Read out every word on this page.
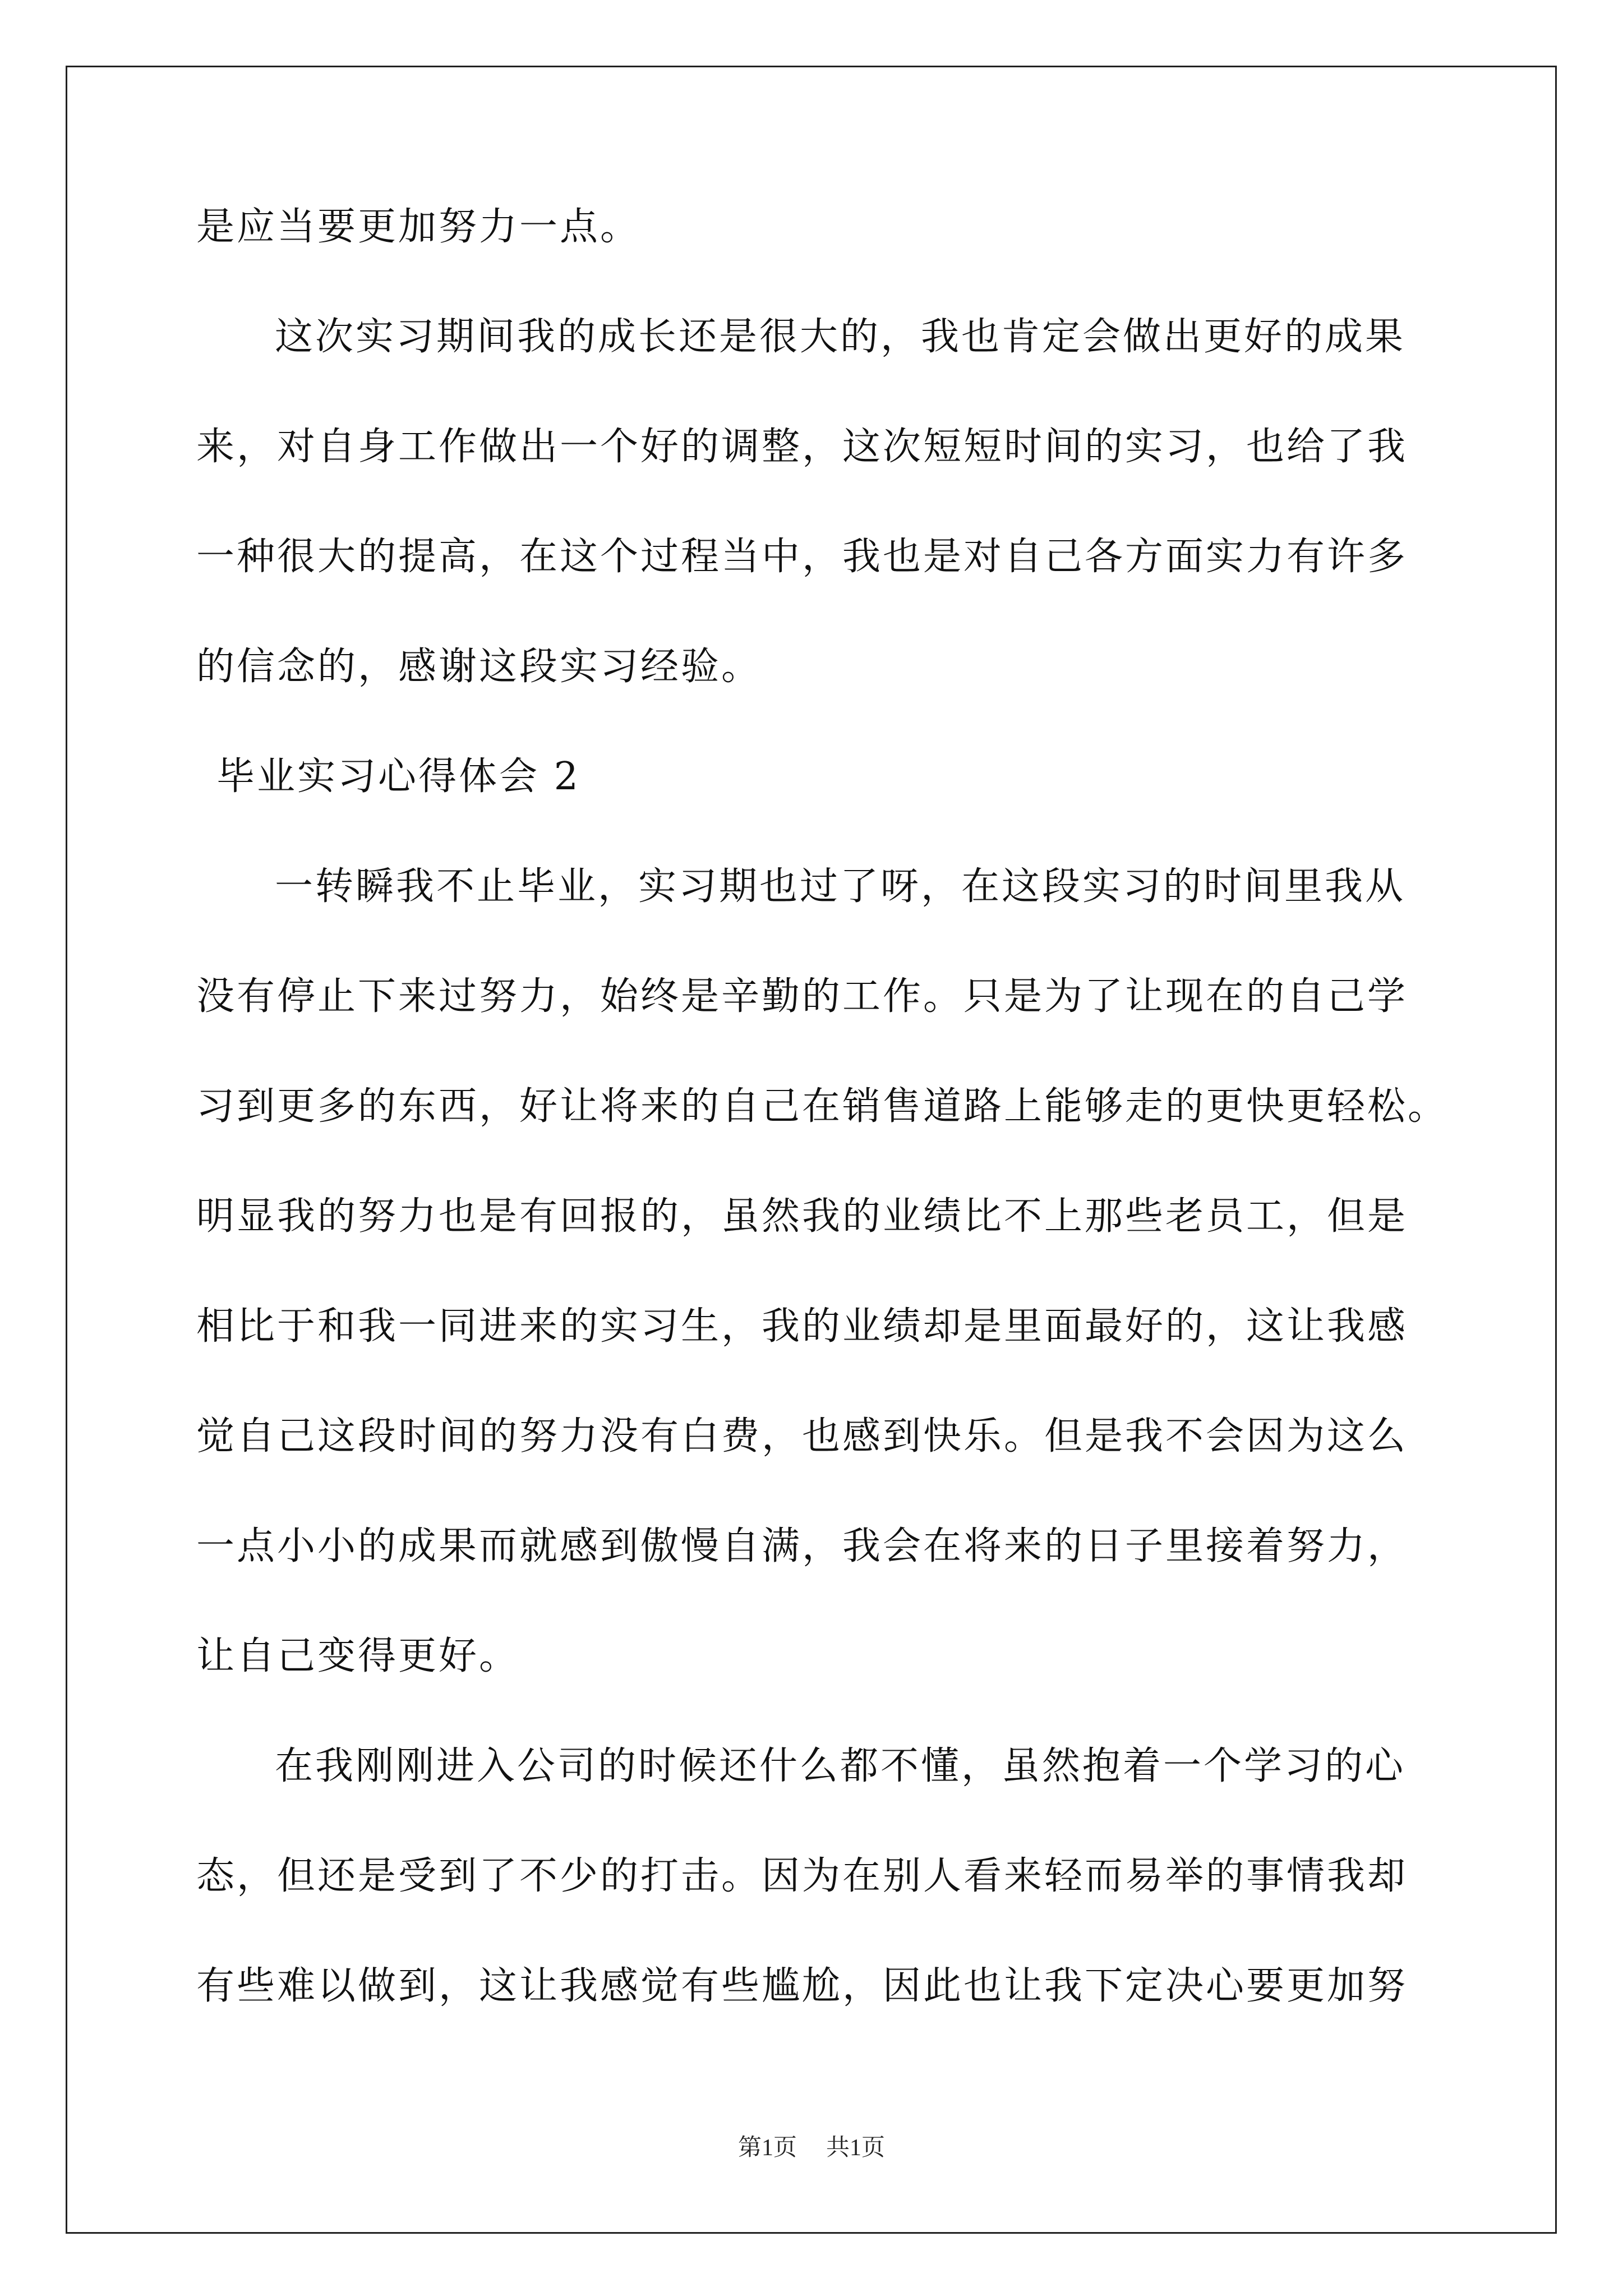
是应当要更加努力一点。
这次实习期间我的成长还是很大的，我也肯定会做出更好的成果
来，对自身工作做出一个好的调整，这次短短时间的实习，也给了我
一种很大的提高，在这个过程当中，我也是对自己各方面实力有许多
的信念的，感谢这段实习经验。
毕业实习心得体会 2
一转瞬我不止毕业，实习期也过了呀，在这段实习的时间里我从
没有停止下来过努力，始终是辛勤的工作。只是为了让现在的自己学
习到更多的东西，好让将来的自己在销售道路上能够走的更快更轻松。
明显我的努力也是有回报的，虽然我的业绩比不上那些老员工，但是
相比于和我一同进来的实习生，我的业绩却是里面最好的，这让我感
觉自己这段时间的努力没有白费，也感到快乐。但是我不会因为这么
一点小小的成果而就感到傲慢自满，我会在将来的日子里接着努力，
让自己变得更好。
在我刚刚进入公司的时候还什么都不懂，虽然抱着一个学习的心
态，但还是受到了不少的打击。因为在别人看来轻而易举的事情我却
有些难以做到，这让我感觉有些尴尬，因此也让我下定决心要更加努
第1页 共1页
